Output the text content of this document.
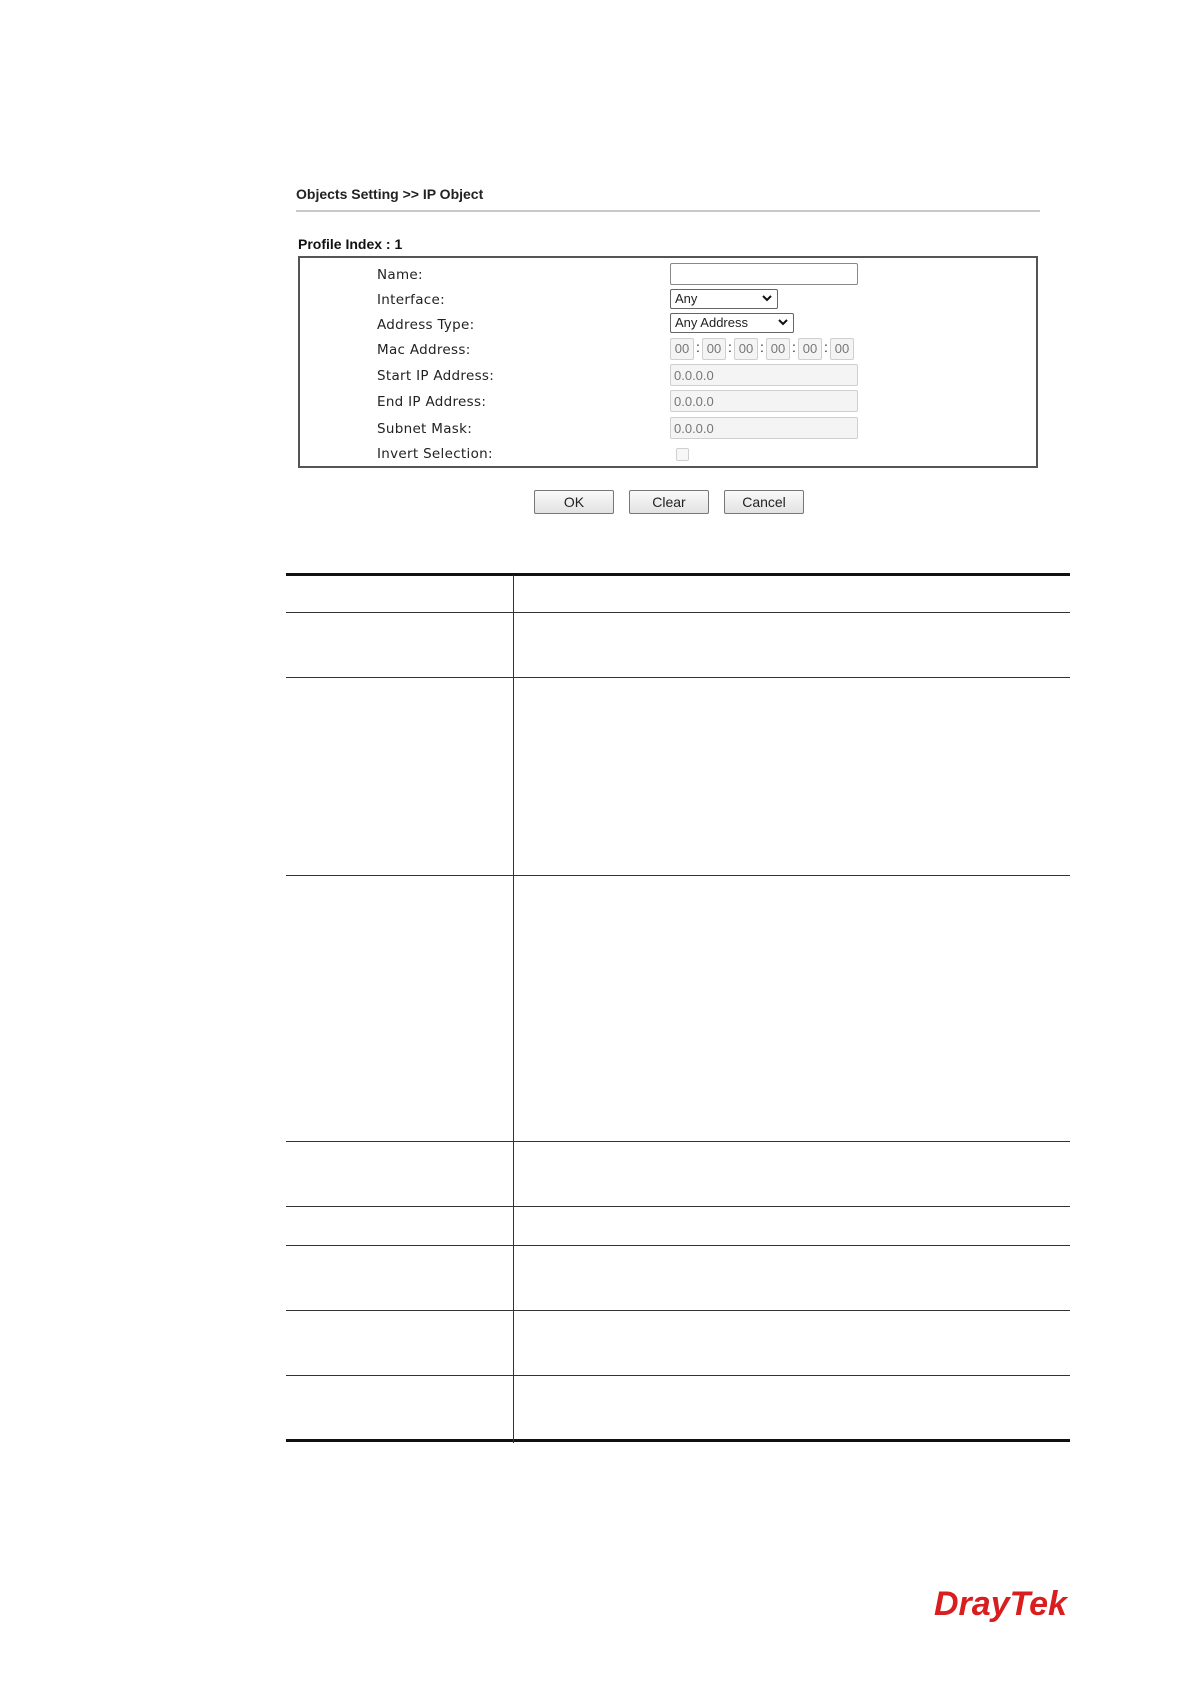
Objects Setting >> IP Object
Profile Index : 1
Name:
Interface:	Any
Address Type:	Any Address
Mac Address:	00 : 00 : 00 : 00 : 00 : 00
Start IP Address:
0.0.0.0
End IP Address:
0.0.0.0
Subnet Mask:
0.0.0.0
Invert Selection:
OK	Clear	Cancel
DrayTek
